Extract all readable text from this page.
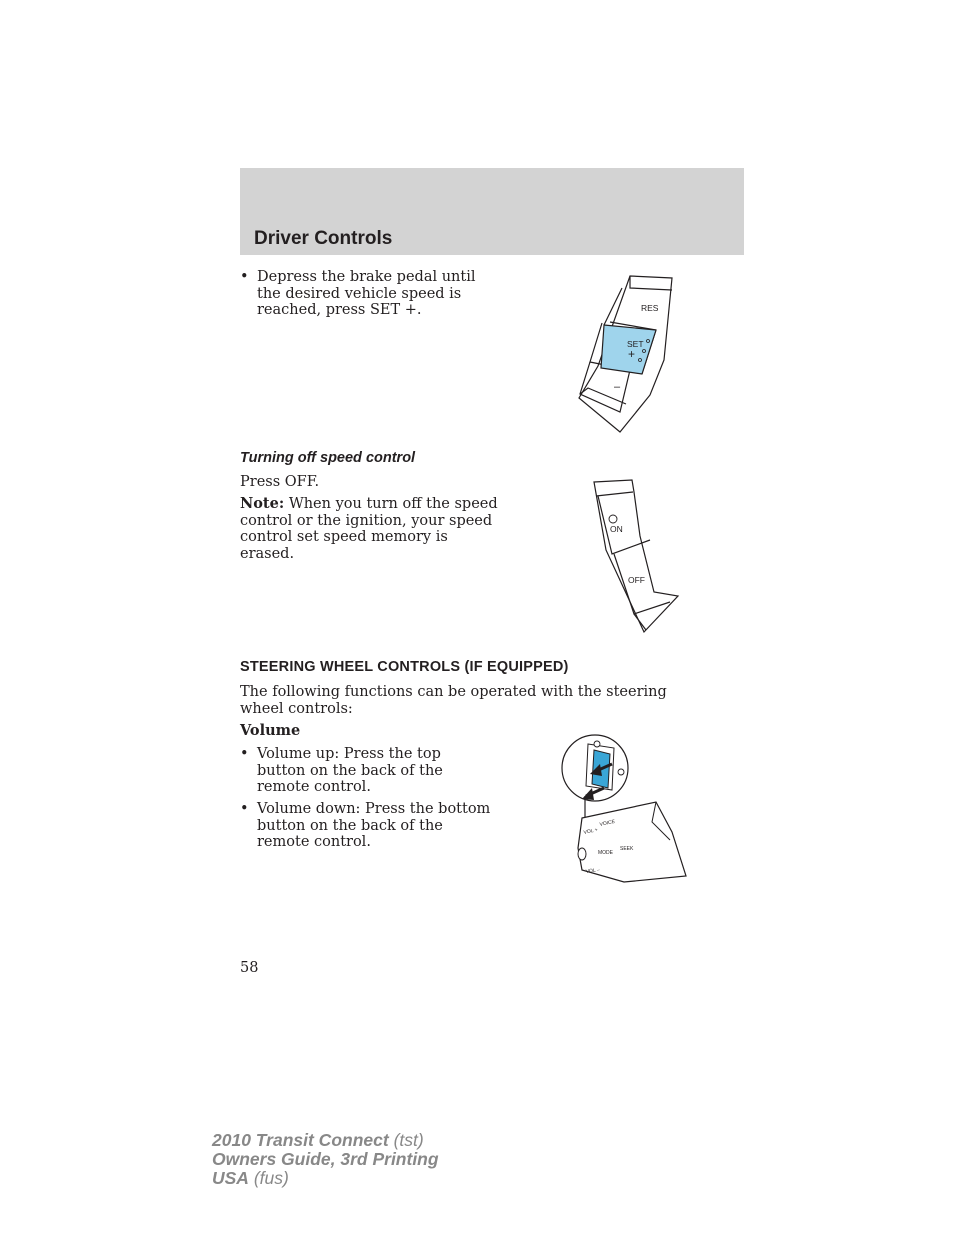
Driver Controls
• Depress the brake pedal until the desired vehicle speed is reached, press SET +.	RES
SET
+
–
Turning off speed control
Press OFF.
Note: When you turn off the speed control or the ignition, your speed control set speed memory is erased.
ON
OFF
STEERING WHEEL CONTROLS (IF EQUIPPED)
The following functions can be operated with the steering wheel controls:
Volume
• Volume up: Press the top button on the back of the remote control.
• Volume down: Press the bottom button on the back of the remote control.
VOICE
VOL +
MODE
SEEK
VOL –
58
2010 Transit Connect (tst)
Owners Guide, 3rd Printing
USA (fus)
